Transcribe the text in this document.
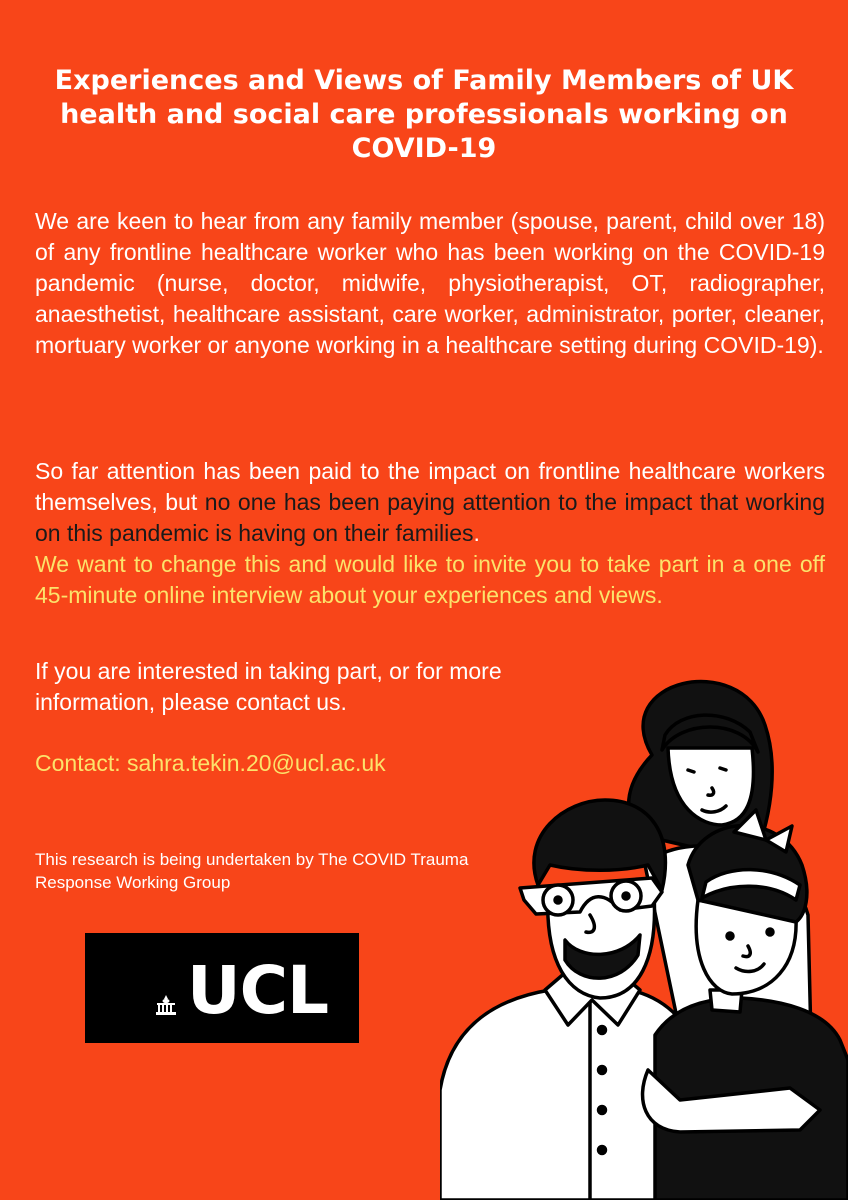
Experiences and Views of Family Members of UK health and social care professionals working on COVID-19

We are keen to hear from any family member (spouse, parent, child over 18) of any frontline healthcare worker who has been working on the COVID-19 pandemic (nurse, doctor, midwife, physiotherapist, OT, radiographer, anaesthetist, healthcare assistant, care worker, administrator, porter, cleaner, mortuary worker or anyone working in a healthcare setting during COVID-19).

So far attention has been paid to the impact on frontline healthcare workers themselves, but no one has been paying attention to the impact that working on this pandemic is having on their families.
We want to change this and would like to invite you to take part in a one off 45-minute online interview about your experiences and views.

If you are interested in taking part, or for more information, please contact us.

Contact: sahra.tekin.20@ucl.ac.uk

This research is being undertaken by The COVID Trauma Response Working Group

UCL
